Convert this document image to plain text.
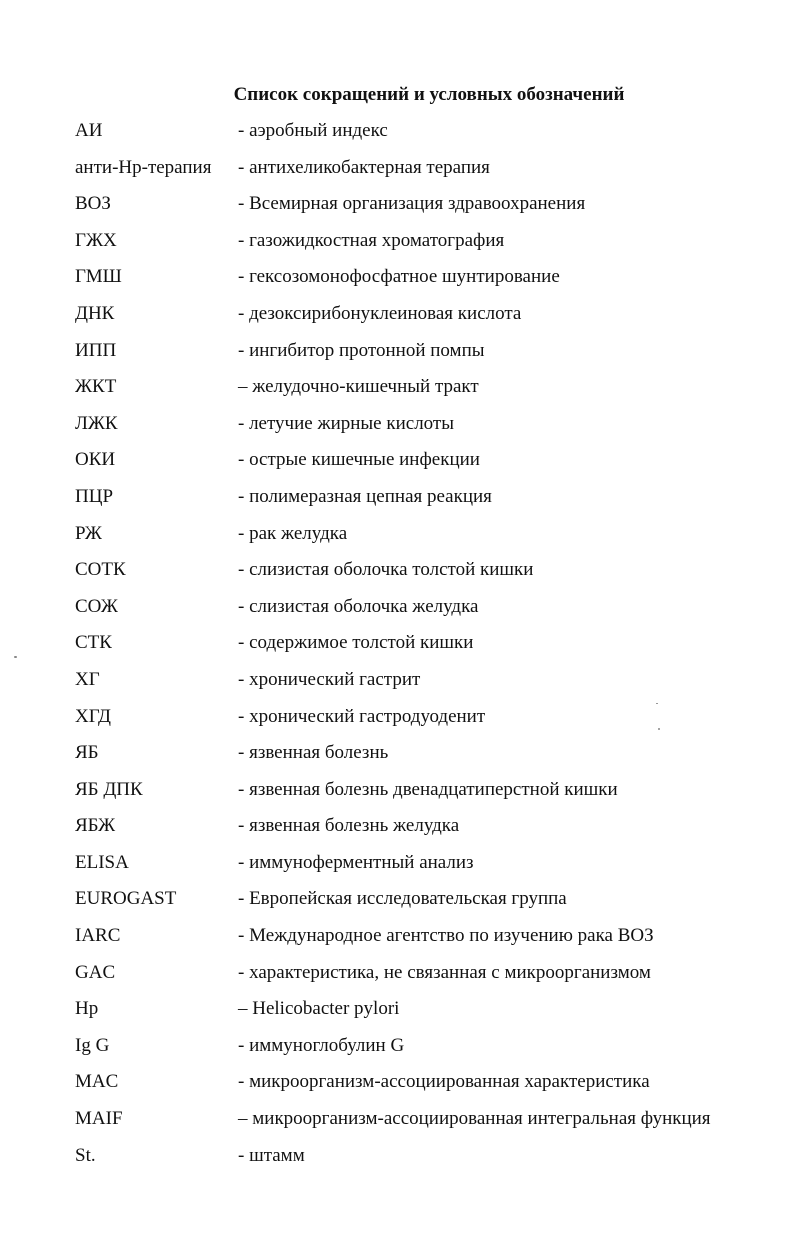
Список сокращений и условных обозначений
АИ	- аэробный индекс
анти-Нр-терапия - антихеликобактерная терапия
ВОЗ	- Всемирная организация здравоохранения
ГЖХ	- газожидкостная хроматография
ГМШ	- гексозомонофосфатное шунтирование
ДНК	- дезоксирибонуклеиновая кислота
ИПП	- ингибитор протонной помпы
ЖКТ	– желудочно-кишечный тракт
ЛЖК	- летучие жирные кислоты
ОКИ	- острые кишечные инфекции
ПЦР	- полимеразная цепная реакция
РЖ	- рак желудка
СОТК	- слизистая оболочка толстой кишки
СОЖ	- слизистая оболочка желудка
СТК	- содержимое толстой кишки
ХГ	- хронический гастрит
ХГД	- хронический гастродуоденит
ЯБ	- язвенная болезнь
ЯБ ДПК	- язвенная болезнь двенадцатиперстной кишки
ЯБЖ	- язвенная болезнь желудка
ELISA	- иммуноферментный анализ
EUROGAST	- Европейская исследовательская группа
IARC	- Международное агентство по изучению рака ВОЗ
GAC	- характеристика, не связанная с микроорганизмом
Hp	– Helicobacter pylori
Ig G	- иммуноглобулин G
MAC	- микроорганизм-ассоциированная характеристика
MAIF	– микроорганизм-ассоциированная интегральная функция
St.	- штамм
